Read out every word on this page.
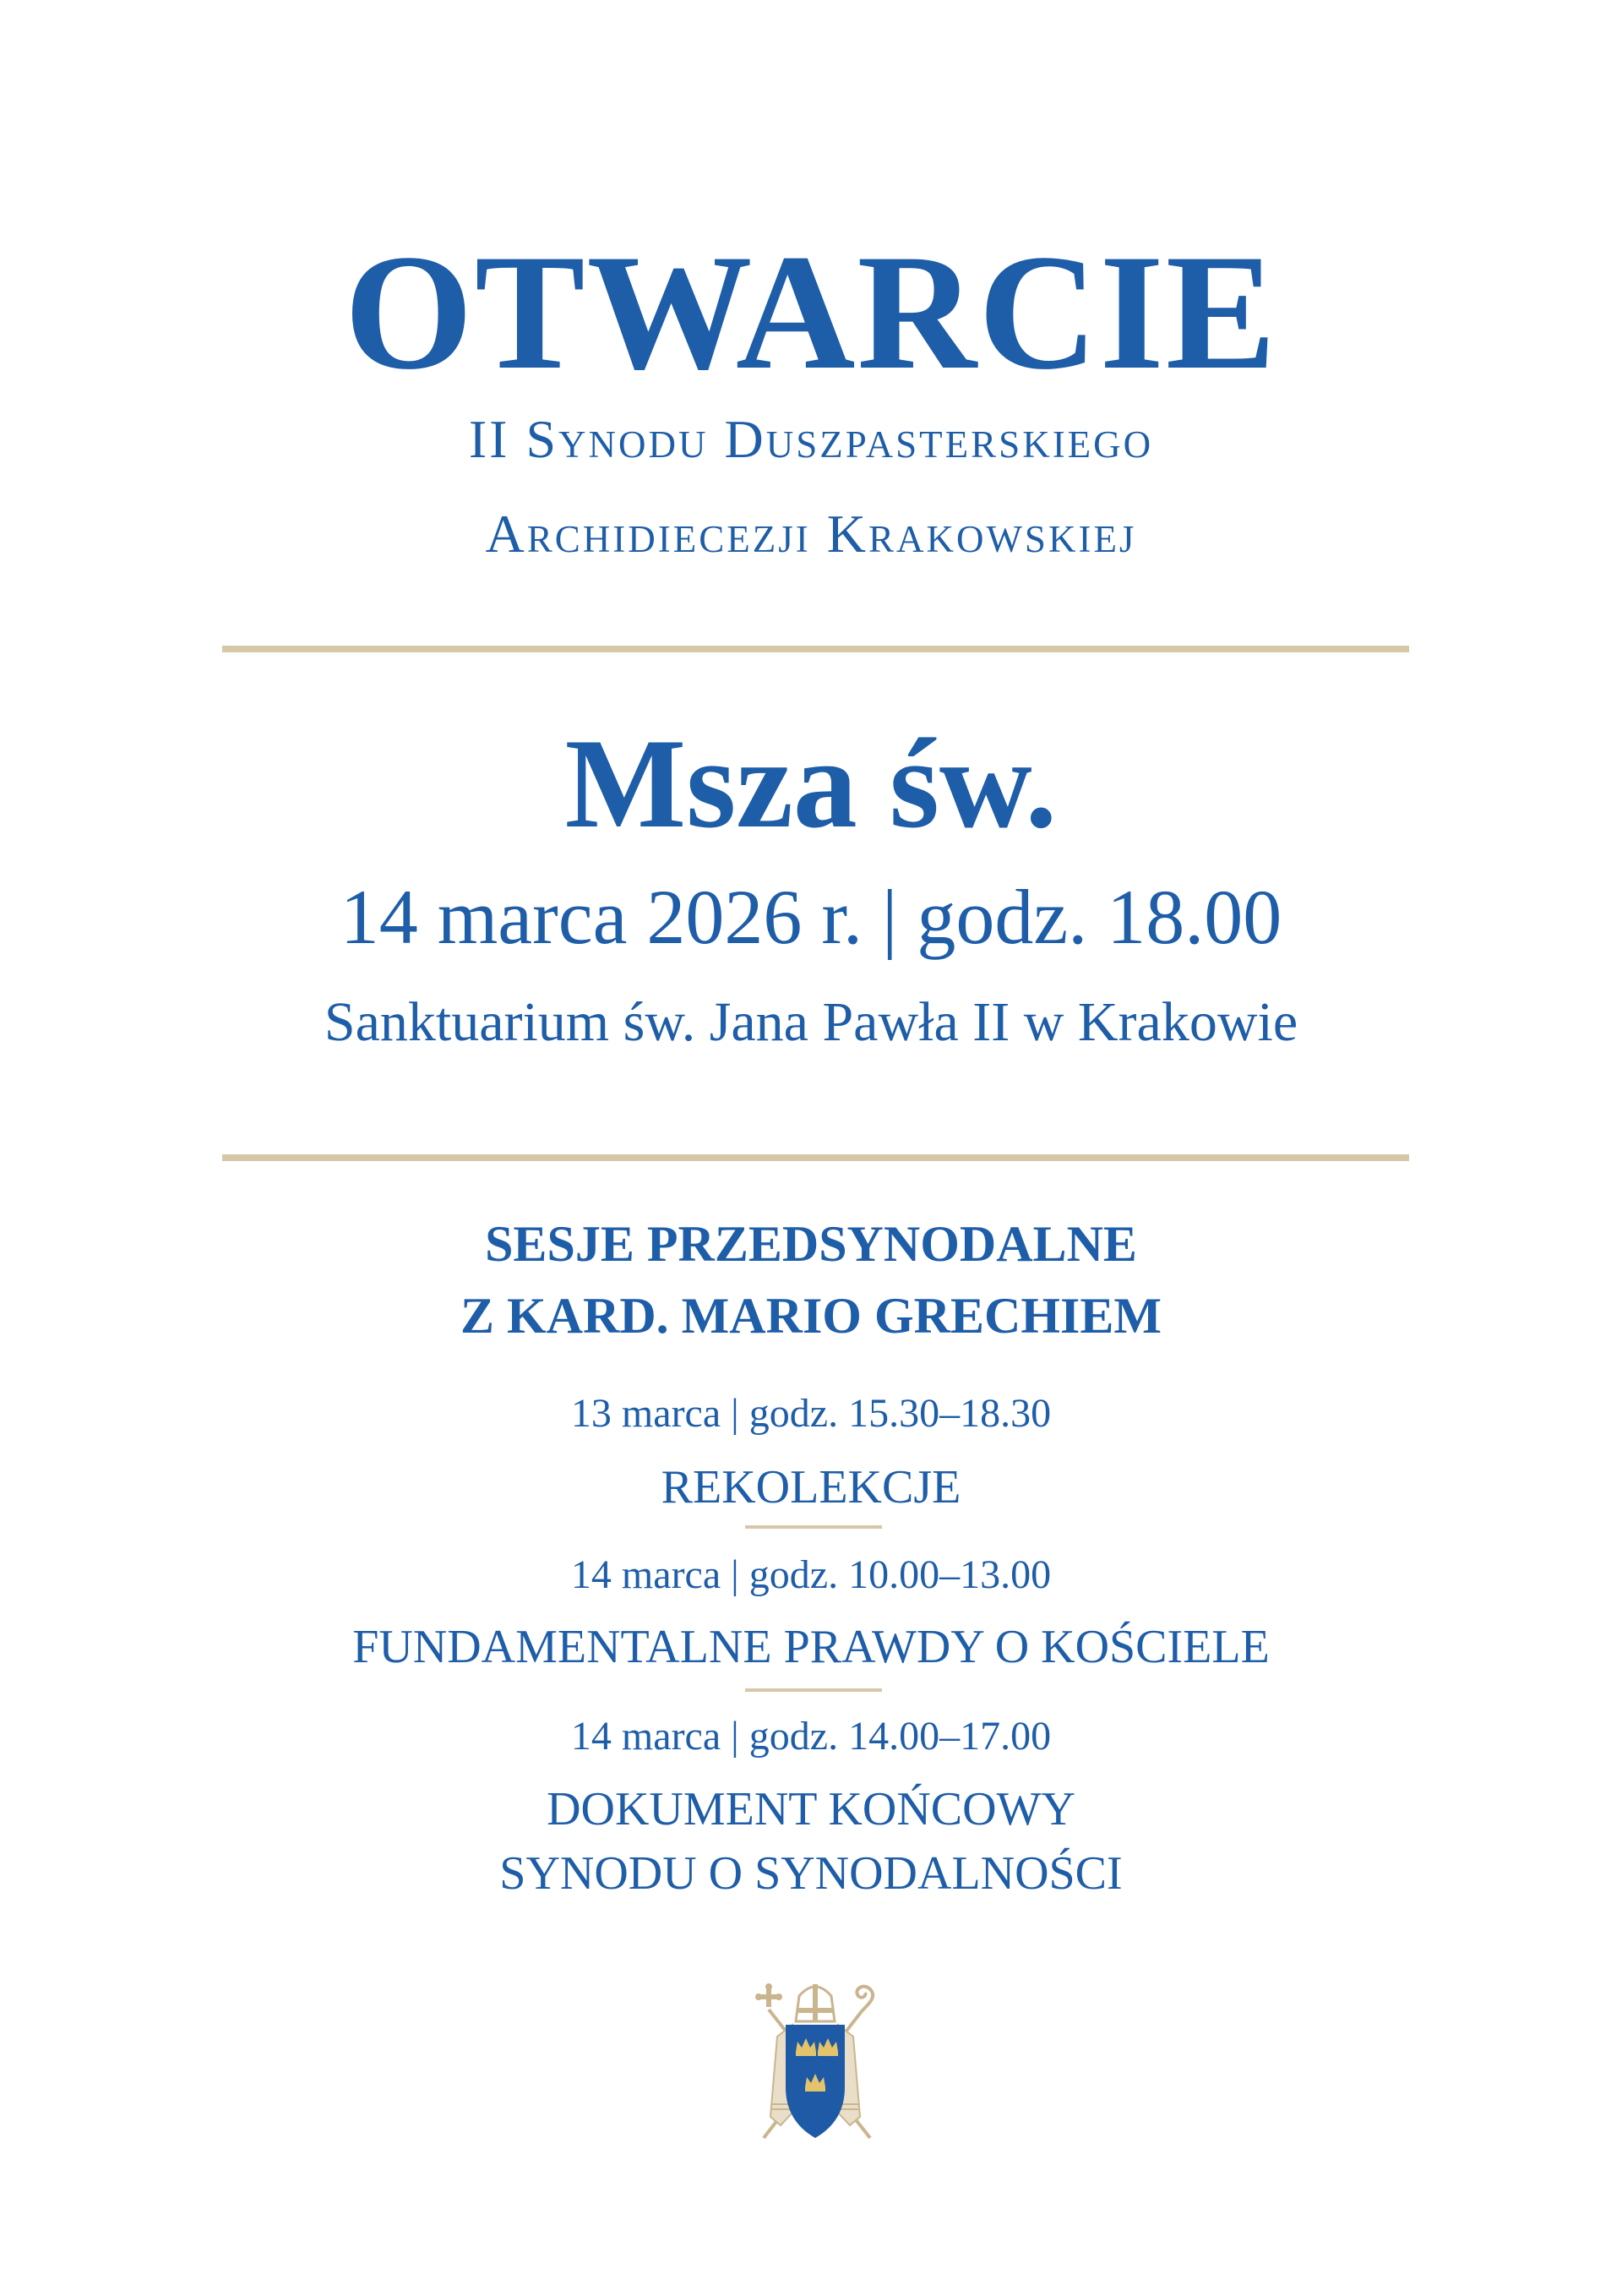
OTWARCIE
II Synodu Duszpasterskiego
Archidiecezji Krakowskiej
Msza św.
14 marca 2026 r. | godz. 18.00
Sanktuarium św. Jana Pawła II w Krakowie
SESJE PRZEDSYNODALNE
Z KARD. MARIO GRECHIEM
13 marca | godz. 15.30–18.30
REKOLEKCJE
14 marca | godz. 10.00–13.00
FUNDAMENTALNE PRAWDY O KOŚCIELE
14 marca | godz. 14.00–17.00
DOKUMENT KOŃCOWY
SYNODU O SYNODALNOŚCI
